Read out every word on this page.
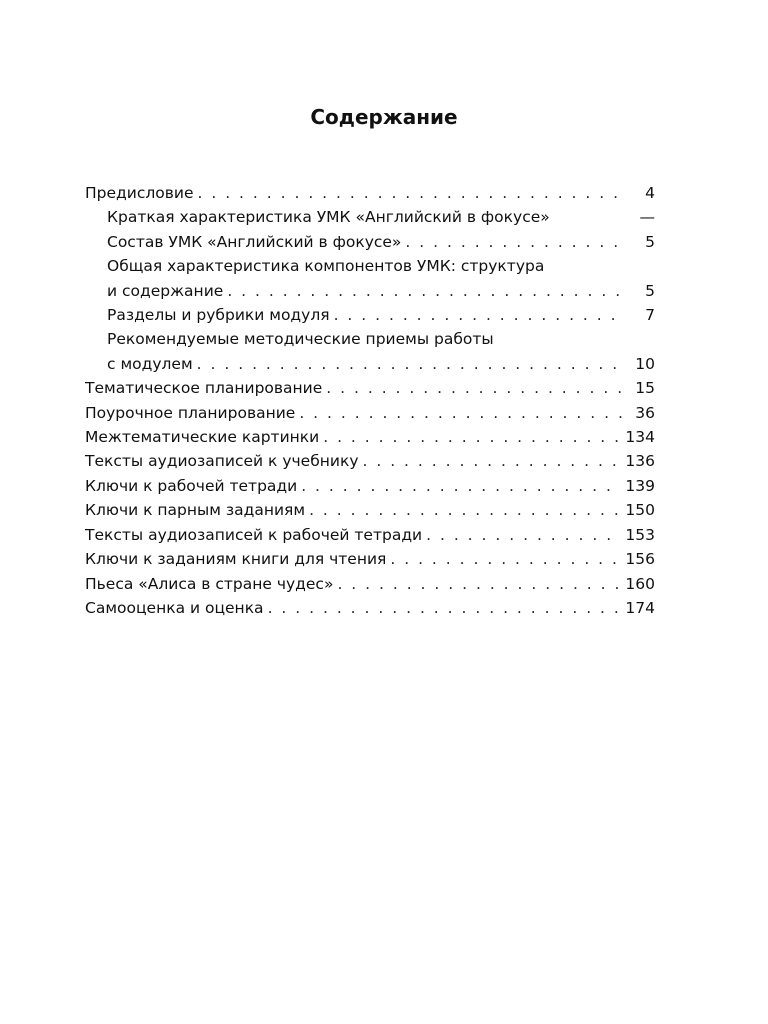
Содержание
Предисловие . . .	4
Краткая характеристика УМК «Английский в фокусе»	—
Состав УМК «Английский в фокусе» . . .	5
Общая характеристика компонентов УМК: структура
и содержание . . .	5
Разделы и рубрики модуля . . .	7
Рекомендуемые методические приемы работы
с модулем . . .	10
Тематическое планирование . . .	15
Поурочное планирование . . .	36
Межтематические картинки . . .	134
Тексты аудиозаписей к учебнику . . .	136
Ключи к рабочей тетради . . .	139
Ключи к парным заданиям . . .	150
Тексты аудиозаписей к рабочей тетради . . .	153
Ключи к заданиям книги для чтения . . .	156
Пьеса «Алиса в стране чудес» . . .	160
Самооценка и оценка . . .	174
